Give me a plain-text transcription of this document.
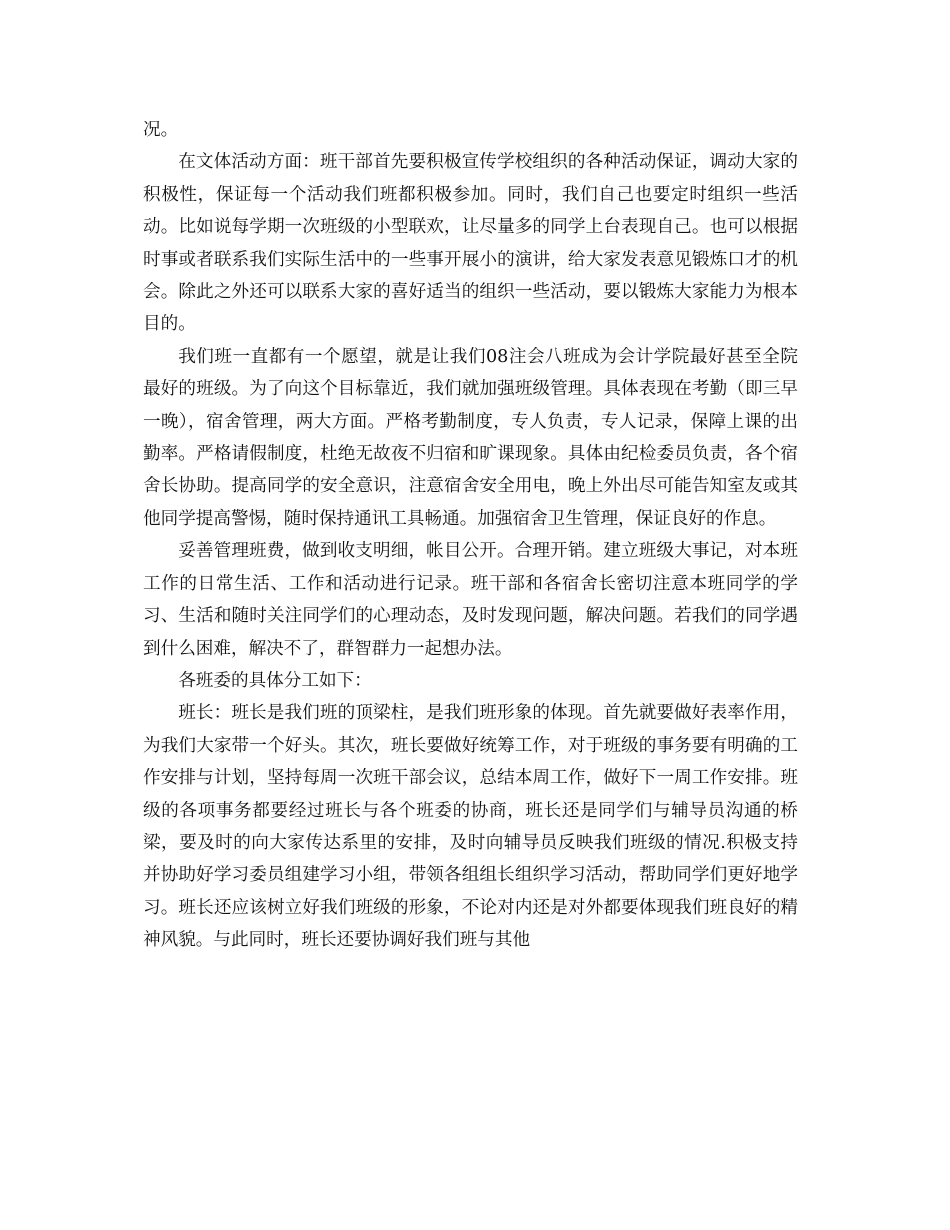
况。

在文体活动方面：班干部首先要积极宣传学校组织的各种活动保证，调动大家的积极性，保证每一个活动我们班都积极参加。同时，我们自己也要定时组织一些活动。比如说每学期一次班级的小型联欢，让尽量多的同学上台表现自己。也可以根据时事或者联系我们实际生活中的一些事开展小的演讲，给大家发表意见锻炼口才的机会。除此之外还可以联系大家的喜好适当的组织一些活动，要以锻炼大家能力为根本目的。

我们班一直都有一个愿望，就是让我们08注会八班成为会计学院最好甚至全院最好的班级。为了向这个目标靠近，我们就加强班级管理。具体表现在考勤（即三早一晚），宿舍管理，两大方面。严格考勤制度，专人负责，专人记录，保障上课的出勤率。严格请假制度，杜绝无故夜不归宿和旷课现象。具体由纪检委员负责，各个宿舍长协助。提高同学的安全意识，注意宿舍安全用电，晚上外出尽可能告知室友或其他同学提高警惕，随时保持通讯工具畅通。加强宿舍卫生管理，保证良好的作息。

妥善管理班费，做到收支明细，帐目公开。合理开销。建立班级大事记，对本班工作的日常生活、工作和活动进行记录。班干部和各宿舍长密切注意本班同学的学习、生活和随时关注同学们的心理动态，及时发现问题，解决问题。若我们的同学遇到什么困难，解决不了，群智群力一起想办法。

各班委的具体分工如下：

班长：班长是我们班的顶梁柱，是我们班形象的体现。首先就要做好表率作用，为我们大家带一个好头。其次，班长要做好统筹工作，对于班级的事务要有明确的工作安排与计划，坚持每周一次班干部会议，总结本周工作，做好下一周工作安排。班级的各项事务都要经过班长与各个班委的协商，班长还是同学们与辅导员沟通的桥梁，要及时的向大家传达系里的安排，及时向辅导员反映我们班级的情况.积极支持并协助好学习委员组建学习小组，带领各组组长组织学习活动，帮助同学们更好地学习。班长还应该树立好我们班级的形象，不论对内还是对外都要体现我们班良好的精神风貌。与此同时，班长还要协调好我们班与其他
